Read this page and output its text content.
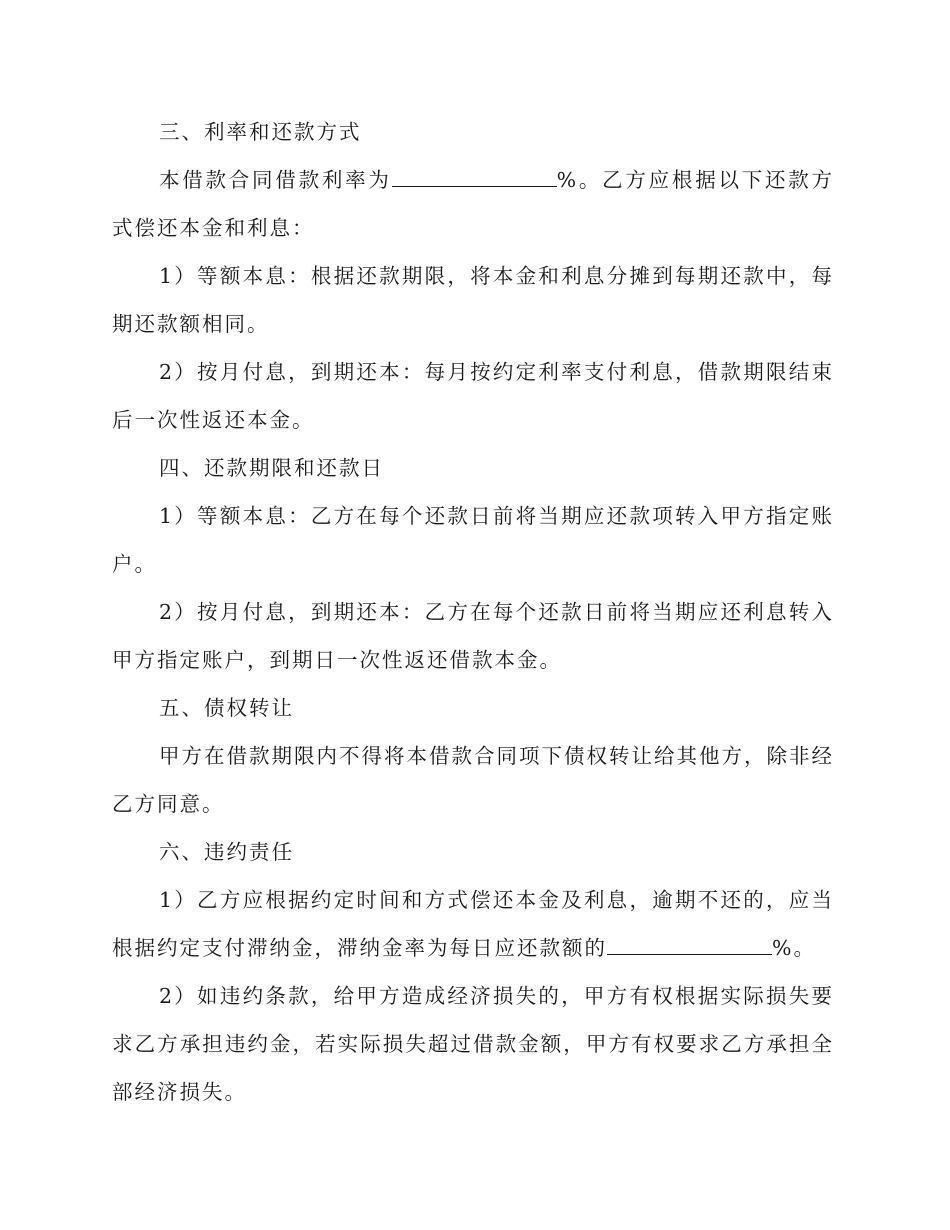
三、利率和还款方式

本借款合同借款利率为	%。乙方应根据以下还款方式偿还本金和利息：

1）等额本息：根据还款期限，将本金和利息分摊到每期还款中，每期还款额相同。

2）按月付息，到期还本：每月按约定利率支付利息，借款期限结束后一次性返还本金。

四、还款期限和还款日

1）等额本息：乙方在每个还款日前将当期应还款项转入甲方指定账户。

2）按月付息，到期还本：乙方在每个还款日前将当期应还利息转入甲方指定账户，到期日一次性返还借款本金。

五、债权转让

甲方在借款期限内不得将本借款合同项下债权转让给其他方，除非经乙方同意。

六、违约责任

1）乙方应根据约定时间和方式偿还本金及利息，逾期不还的，应当根据约定支付滞纳金，滞纳金率为每日应还款额的	%。

2）如违约条款，给甲方造成经济损失的，甲方有权根据实际损失要求乙方承担违约金，若实际损失超过借款金额，甲方有权要求乙方承担全部经济损失。
